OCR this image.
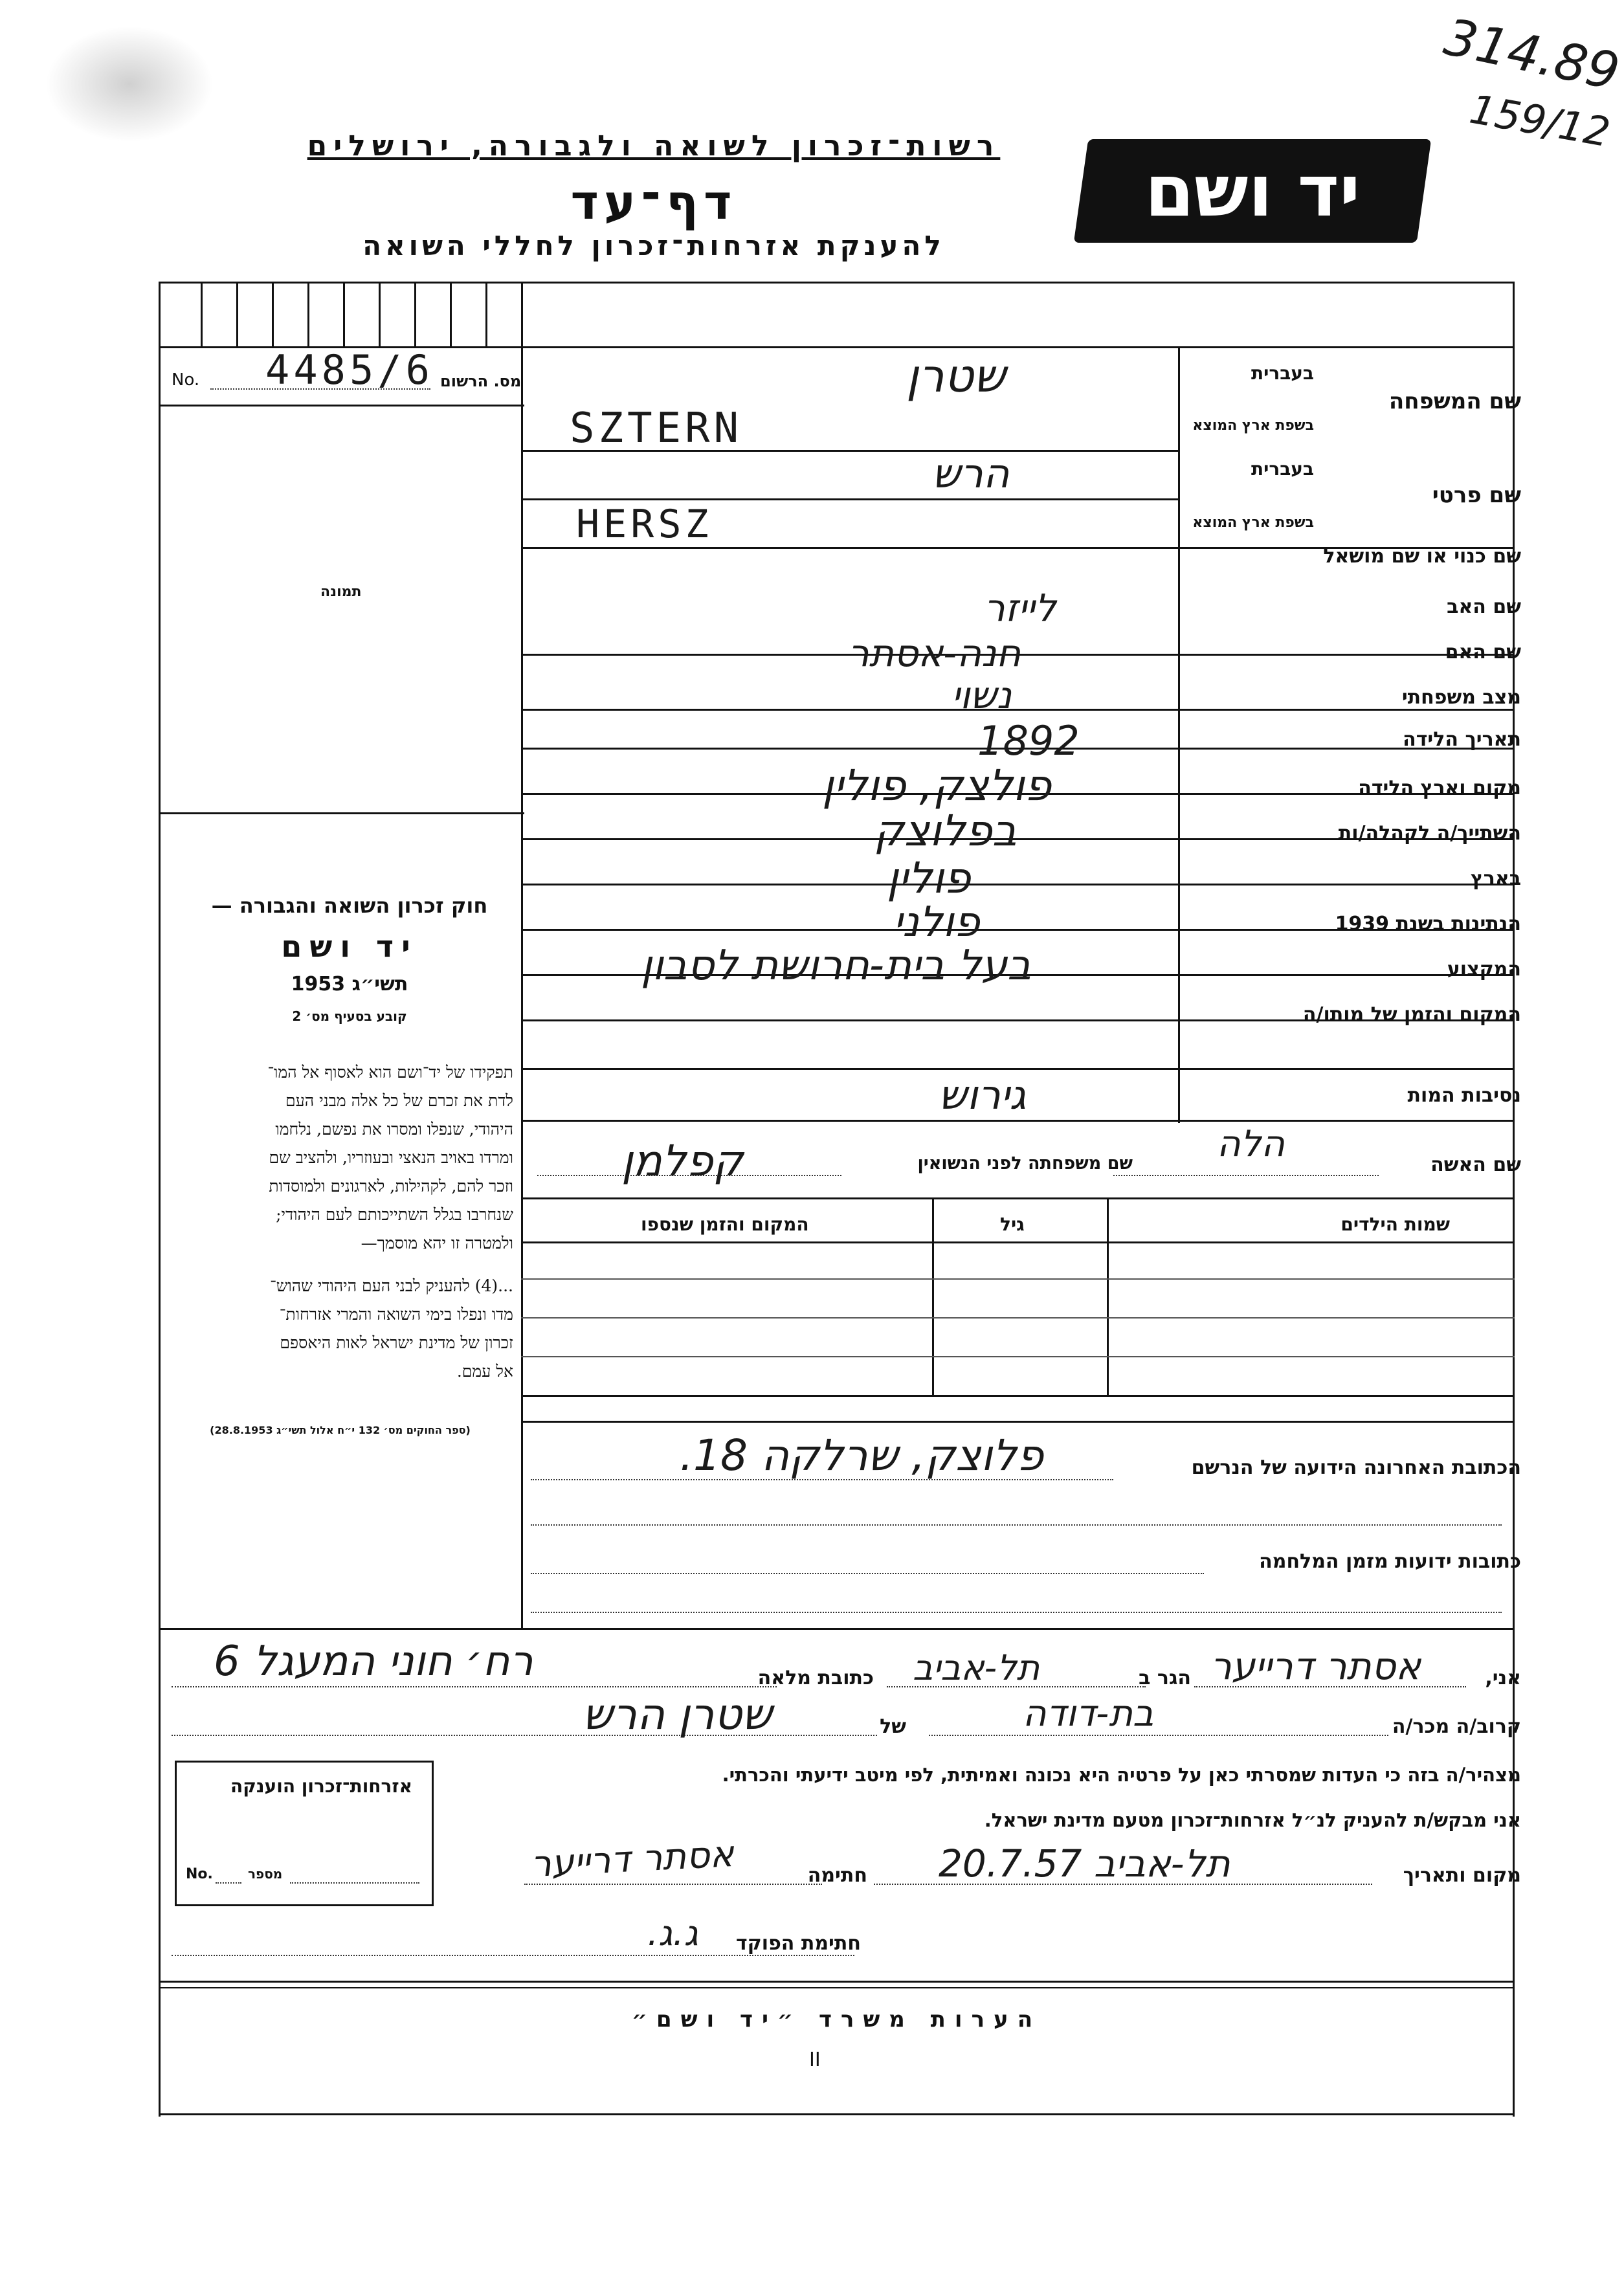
314.89
159/12
רשות־זכרון לשואה ולגבורה, ירושלים
דף־עד
להענקת אזרחות־זכרון לחללי השואה
יד ושם
מס. הרשום
No. 4485/6
תמונה
חוק זכרון השואה והגבורה —
יד ושם
תשי״ג 1953
קובע בסעיף מס׳ 2
תפקידו של יד־ושם הוא לאסוף אל המו־
לדת את זכרם של כל אלה מבני העם
היהודי, שנפלו ומסרו את נפשם, נלחמו
ומרדו באויב הנאצי ובעוזריו, ולהציב שם
וזכר להם, לקהילות, לארגונים ולמוסדות
שנחרבו בגלל השתייכותם לעם היהודי;
ולמטרה זו יהא מוסמך—
...(4) להעניק לבני העם היהודי שהוש־
מדו ונפלו בימי השואה והמרי אזרחות־
זכרון של מדינת ישראל לאות היאספם
אל עמם.
(ספר החוקים מס׳ 132 י״ח אלול תשי״ג 28.8.1953)
שם המשפחה
בעברית
בשפת ארץ המוצא
שטרן
SZTERN
שם פרטי
בעברית
בשפת ארץ המוצא
הרש
HERSZ
שם כנוי או שם מושאל
שם האב
לייזר
שם האם
חנה-אסתר
מצב משפחתי
נשוי
תאריך הלידה
1892
מקום וארץ הלידה
פולצק, פולין
השתייך/ה לקהלה/ות
בפלוצק
בארץ
פולין
הנתינות בשנת 1939
פולני
המקצוע
בעל בית-חרושת לסבון
המקום והזמן של מותו/ה
נסיבות המות
גירוש
שם האשה
שם משפחתה לפני הנשואין הלה
קפלמן
שמות הילדים
גיל
המקום והזמן שנספו
הכתובת האחרונה הידועה של הנרשם
פלוצק, שרלקה 18.
כתובות ידועות מזמן המלחמה
אני,
אסתר דרייער
הגר ב
תל-אביב
כתובת מלאה
רח׳ חוני המעגל 6
קרוב/ה מכר/ה
בת-דודה
של
שטרן הרש
מצהיר/ה בזה כי העדות שמסרתי כאן על פרטיה היא נכונה ואמיתית, לפי מיטב ידיעתי והכרתי.
אזרחות־זכרון הוענקה
No.	מספר
אני מבקש/ת להעניק לנ״ל אזרחות־זכרון מטעם מדינת ישראל.
מקום ותאריך
תל-אביב 20.7.57
חתימה
אסתר דרייער
חתימת הפוקד
ג.ג.
הערות משרד ״יד ושם״
II
